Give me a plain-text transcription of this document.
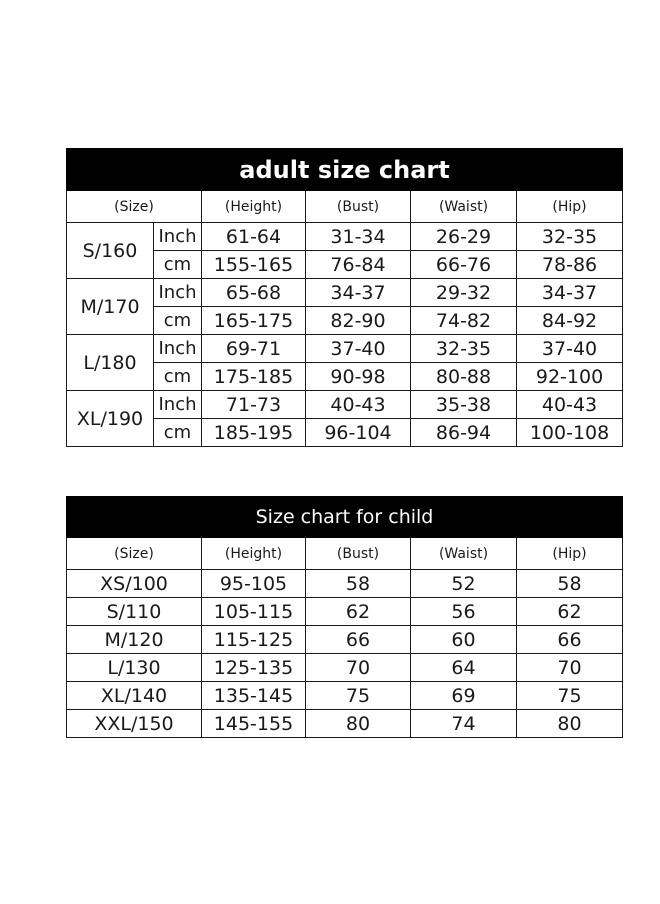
adult size chart					
(Size)		(Height)	(Bust)	(Waist)	(Hip)
S/160	Inch	61-64	31-34	26-29	32-35
	cm	155-165	76-84	66-76	78-86
M/170	Inch	65-68	34-37	29-32	34-37
	cm	165-175	82-90	74-82	84-92
L/180	Inch	69-71	37-40	32-35	37-40
	cm	175-185	90-98	80-88	92-100
XL/190	Inch	71-73	40-43	35-38	40-43
	cm	185-195	96-104	86-94	100-108
Size chart for child				
(Size)	(Height)	(Bust)	(Waist)	(Hip)
XS/100	95-105	58	52	58
S/110	105-115	62	56	62
M/120	115-125	66	60	66
L/130	125-135	70	64	70
XL/140	135-145	75	69	75
XXL/150	145-155	80	74	80
